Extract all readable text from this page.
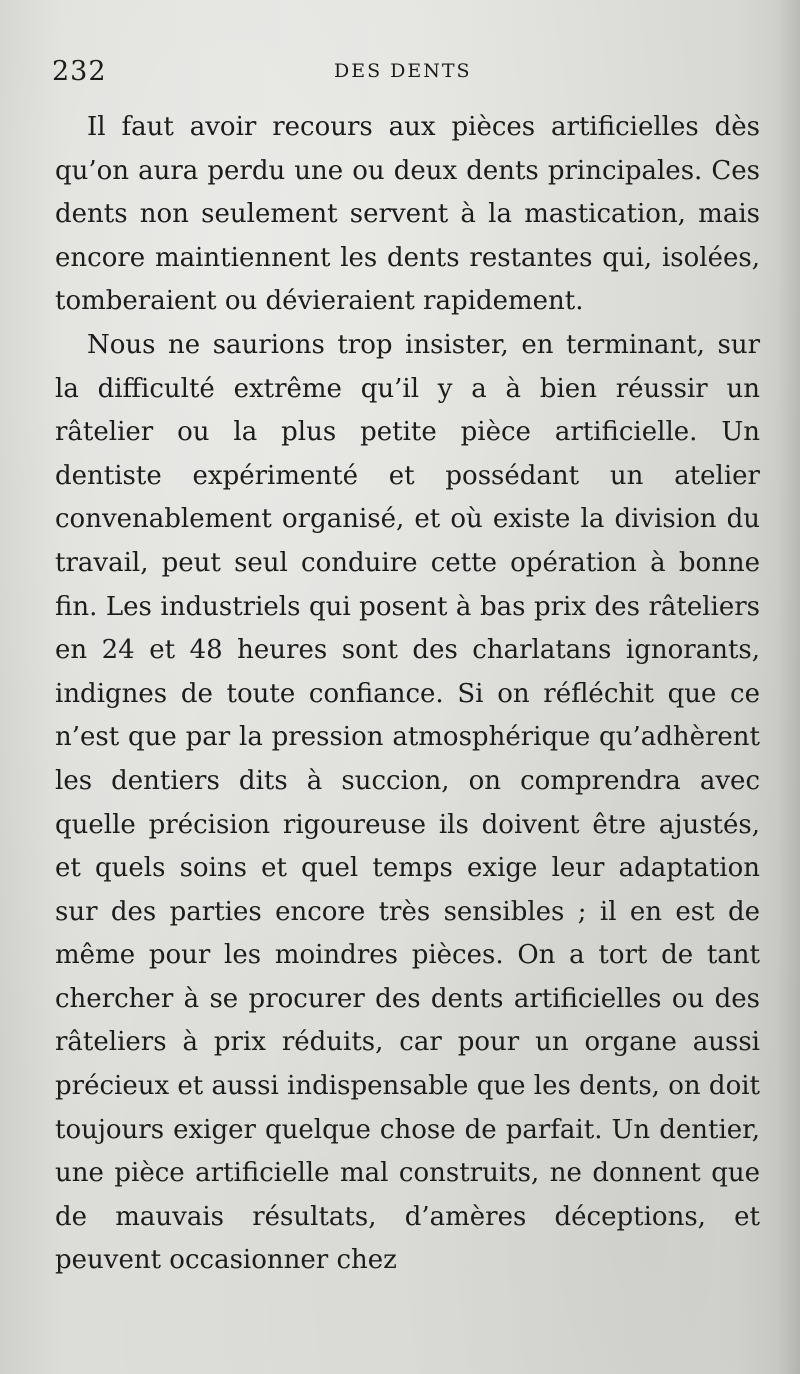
232	DES DENTS

Il faut avoir recours aux pièces artificielles dès qu’on aura perdu une ou deux dents principales. Ces dents non seulement servent à la mastication, mais encore maintiennent les dents restantes qui, isolées, tomberaient ou dévieraient rapidement.

Nous ne saurions trop insister, en terminant, sur la difficulté extrême qu’il y a à bien réussir un râtelier ou la plus petite pièce artificielle. Un dentiste expérimenté et possédant un atelier convenablement organisé, et où existe la division du travail, peut seul conduire cette opération à bonne fin. Les industriels qui posent à bas prix des râteliers en 24 et 48 heures sont des charlatans ignorants, indignes de toute confiance. Si on réfléchit que ce n’est que par la pression atmosphérique qu’adhèrent les dentiers dits à succion, on comprendra avec quelle précision rigoureuse ils doivent être ajustés, et quels soins et quel temps exige leur adaptation sur des parties encore très sensibles ; il en est de même pour les moindres pièces. On a tort de tant chercher à se procurer des dents artificielles ou des râteliers à prix réduits, car pour un organe aussi précieux et aussi indispensable que les dents, on doit toujours exiger quelque chose de parfait. Un dentier, une pièce artificielle mal construits, ne donnent que de mauvais résultats, d’amères déceptions, et peuvent occasionner chez
